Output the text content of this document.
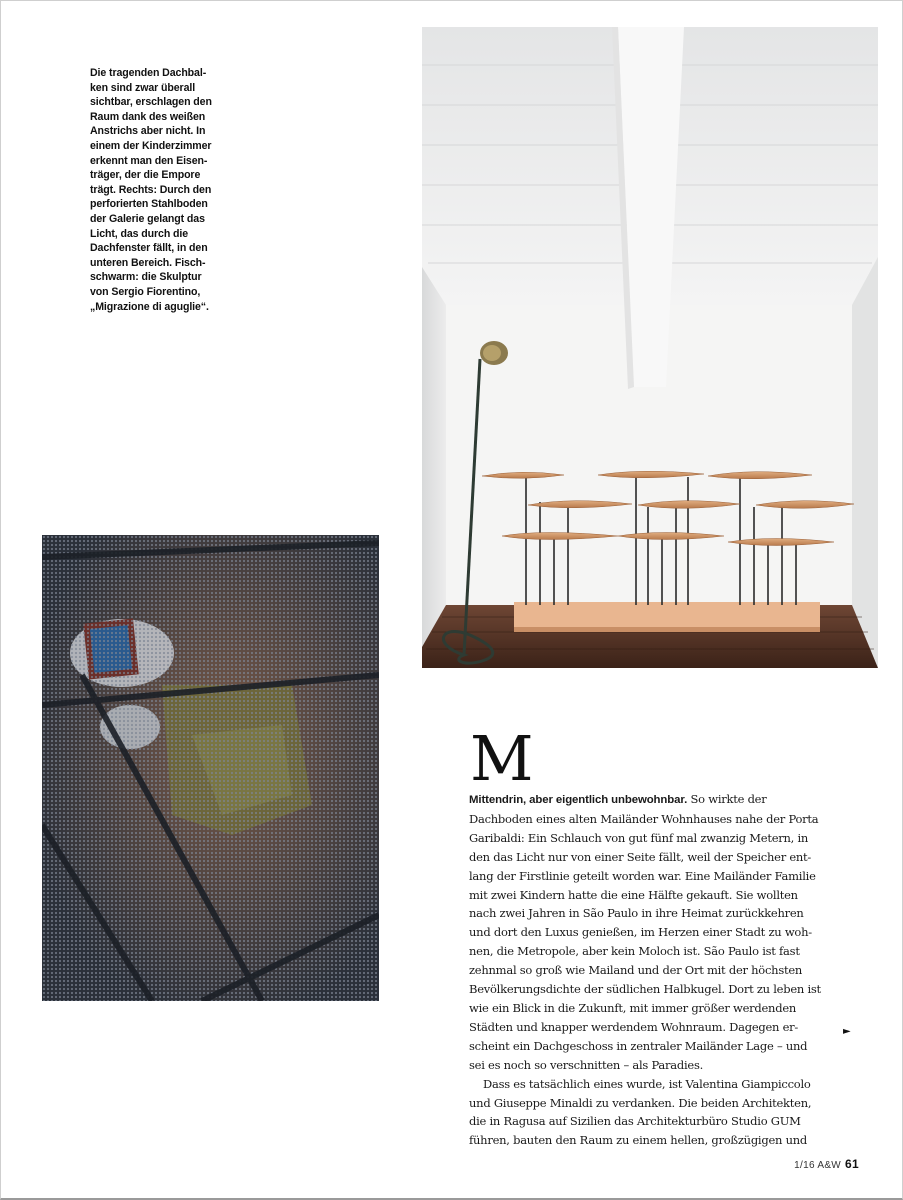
Die tragenden Dachbal-
ken sind zwar überall
sichtbar, erschlagen den
Raum dank des weißen
Anstrichs aber nicht. In
einem der Kinderzimmer
erkennt man den Eisen-
träger, der die Empore
trägt. Rechts: Durch den
perforierten Stahlboden
der Galerie gelangt das
Licht, das durch die
Dachfenster fällt, in den
unteren Bereich. Fisch-
schwarm: die Skulptur
von Sergio Fiorentino,
„Migrazione di aguglie“.
M
Mittendrin, aber eigentlich unbewohnbar. So wirkte der
Dachboden eines alten Mailänder Wohnhauses nahe der Porta
Garibaldi: Ein Schlauch von gut fünf mal zwanzig Metern, in
den das Licht nur von einer Seite fällt, weil der Speicher ent-
lang der Firstlinie geteilt worden war. Eine Mailänder Familie
mit zwei Kindern hatte die eine Hälfte gekauft. Sie wollten
nach zwei Jahren in São Paulo in ihre Heimat zurückkehren
und dort den Luxus genießen, im Herzen einer Stadt zu woh-
nen, die Metropole, aber kein Moloch ist. São Paulo ist fast
zehnmal so groß wie Mailand und der Ort mit der höchsten
Bevölkerungsdichte der südlichen Halbkugel. Dort zu leben ist
wie ein Blick in die Zukunft, mit immer größer werdenden
Städten und knapper werdendem Wohnraum. Dagegen er-
scheint ein Dachgeschoss in zentraler Mailänder Lage – und
sei es noch so verschnitten – als Paradies.
Dass es tatsächlich eines wurde, ist Valentina Giampiccolo
und Giuseppe Minaldi zu verdanken. Die beiden Architekten,
die in Ragusa auf Sizilien das Architekturbüro Studio GUM
führen, bauten den Raum zu einem hellen, großzügigen und
►
1/16 A&W 61
